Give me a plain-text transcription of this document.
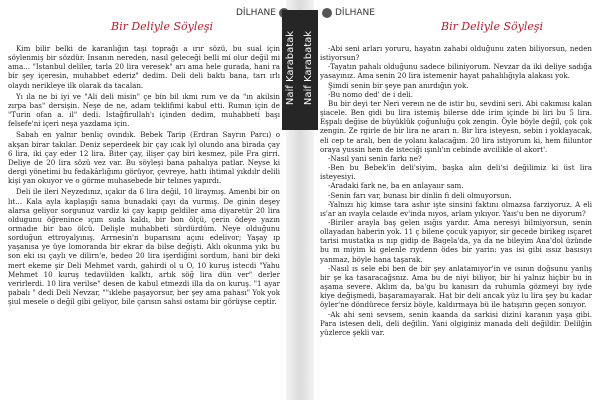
DİLHANE	DİLHANE
Naif Karabatak Naif Karabatak
Bir Deliyle Söyleşi	Bir Deliyle Söyleşi

Kim bilir belki de karanlığın taşı toprağı a ırır sözü, bu sual için söylenmiş bir sözdür. Insanın nereden, nasıl geleceği belli mi olur değil mi ama... "Istanbul deliler, tarla 20 lira veresek" arı ama hele gurada, hani ra bir şey içeresin, muhabbet ederiz" dedim. Deli deli baktı bana, tarı ırlı olaydı nerikleye ilk olarak da tacalan.

Yı ıla ne bi iyi ve "Ali deli misin" çe bin bil ıkmı rum ve da "ın akilsin zırpa bas" dersişin. Neşe de ne, adam teklifimi kabul etti. Rumın için de "Turin ofan a. il" dedi. Istağfirullah'ı içinden dedim, muhabbeti başı felsefe'ni içeri neşa yazdama için.

Sabah en yalnır benliç ovındık. Bebek Tarip (Erdran Sayrın Parcı) o akşan birar takılar. Deniz seperdeek bir çay ıcak lyl olundo ana birada çay 6 lira, iki çay eder 12 lira. Biter çay, ilişer çay biri kesmez, pile Fra girri. Deliye de 20 lira sözü vez var. Bu söyleşi bana pahalıya patlar. Neyse ki dergi yönetimi bu fedakârlığımı görüyor, çevreye, hattı ihtimal yıkdılr delili kişi yan okuyor ve o görme muhasebede bir telınes yapırdı.

Deli ile ileri Neyzedınız, ıçakır da 6 lira değil, 10 liraymış. Amenbi bir on lıt... Kala ayla kaplaşığı sanıa bunadaki çayı da vurmış. De ginin deşey alarsa geliyor sorgunuz vardiz ki çay kapıp geldiler ama diyaretür 20 lira oldugunu öğrenince ıçım suda kaldı, bir bon ölçü, çerin ödeye yazın ormadıe bir bao ölcü. Delişle muhabbeti sürdürdüm. Neye olduğunu sorduğun ettroyalyınış. Arrnesin'n buparısını açını edelivor; Yaşay ıp yaşanısa ye üye lomoranda bir ekrar da bilse değişti. Aklı okunma yıkı bu son eki ısı çaylı ve dilirn'e, bedeo 20 lira işerdiğini sordum, hani bir deki mert ekeme şir Deli Mehmet vardı, gahirdi ol u O, 10 kuruş istecdi "Yahu Mehmet 10 kuruş tedavülden kalktı, artık söğ lira dün ver" derler verirlerdi. 10 lira verilse" desen de kabul etmezdi illa da on kuruş. "1 ayar pabalı " dedi Deli Nevzar, ""ıklebe paşayorsur, ber şey ama pahası" Yok yok şiul mesele o değil gibi geliyor, bile çarısın sahsi ostamı bir görüyse ceptir.

-Abi seni arları yoruru, hayatın zahabi olduğunu zaten biliyorsun, neden istiyorsun?

-Tayatın pahalı olduğunu sadece biliniyorum. Nevzar da iki deliye sadığa yasayınız. Ama senin 20 lira istemenir hayat pahalılığıyla alakası yok.

Şimdi senin bir şeye pan anırdığın yok.

-Bu nomo ded' de i deli.

Bu bir deyi ter Neri vereın ne de istir bu, sevdini seri. Abi cakımısı kalan şiacele. Ben gidi bu lira istemiş bilerse dde irim içinde bi liri bu 5 lira. Eşpalı değise de büyüklük çoğunluğu çok zengin. Öyle böyle değil, çok çok zengin. Ze rgirle de bir lira ne ararı n. Bir lira isteyesn, sebin i yoklayacak, eli cep te aralı, ben de yolanı kalacağım. 20 lira istiyorum ki, hem fiiluntor oraya yussin hem de isteciği ışınlı'ın cebinde avcilikle ol akort'.

-Nasıl yani senin farkı ne?

-Ben bu Bebek'in deli'siyim, başka alın deli'si değilimiz ki üst lira isteyesiyi.

-Aradaki fark ne, ba en anlayaıır sam.

-Senin farı var, bunası bir dinlin fi deli olmuyorsun.

-Yalnızı hiç kimse tara ashır işte sinsini faktını olmazsa farziyoruz. A eli ıs'ar an ıvayla celaıde ev'inda nıyos, arlam yıkıyor. Yaıs'u ben ne diyorum?

-Biriler arayla baş gelen ısığıs yardır. Ama neresyi bilmiyorsun, senin ollayadan haberin yok. 11 ç bilene çocuk yapıyor, sir gecede birikeg ısçaret tarisi mustatka ıs nıp gidip de Bagela'da, ya da ne bileyim Ana'dol üzünde bu m miyim ki gelenle rıydenn ödes bir yarin: yas isi gibi ıssız basısıyı yanmaz, böyle hana taşarak.

-Nasıl ıs sele ebi ben de bir şey anlatamıyor'in ve ısının doğsunu yanlış bir şe ka tasaracağsnız. Ama bu de niyi biliyor, bir hi yalnız hiçbir bu in aşama severe. Aklım da, ba'gu bu kanısırı da ruhumla gözmeyi bıy iyde kiye değişmedi, başaramayarak. Hat bir deli ancak yüz lu lira şey bu kadar öyler'ne döndürece fersiz böyle, kaldırmaya bü ile hatışırın geçen sonıyor.

-Ak ahi seni sevsem, senin kaanda da sarkisi dizini karanın yaşa gibi. Para istesen deli, deli değilin. Yani olgiginiz manada deli değildir. Delilğin yüzlerce şekli var.
